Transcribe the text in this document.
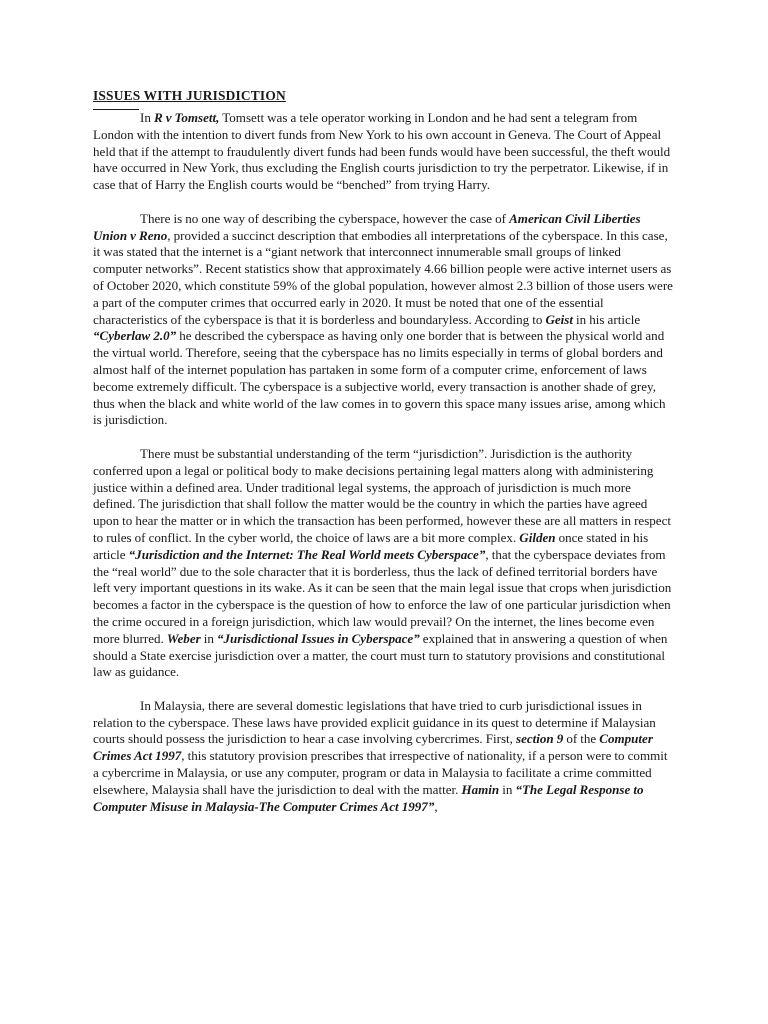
ISSUES WITH JURISDICTION

In R v Tomsett, Tomsett was a tele operator working in London and he had sent a telegram from London with the intention to divert funds from New York to his own account in Geneva. The Court of Appeal held that if the attempt to fraudulently divert funds had been funds would have been successful, the theft would have occurred in New York, thus excluding the English courts jurisdiction to try the perpetrator. Likewise, if in case that of Harry the English courts would be “benched” from trying Harry.

There is no one way of describing the cyberspace, however the case of American Civil Liberties Union v Reno, provided a succinct description that embodies all interpretations of the cyberspace. In this case, it was stated that the internet is a “giant network that interconnect innumerable small groups of linked computer networks”. Recent statistics show that approximately 4.66 billion people were active internet users as of October 2020, which constitute 59% of the global population, however almost 2.3 billion of those users were a part of the computer crimes that occurred early in 2020. It must be noted that one of the essential characteristics of the cyberspace is that it is borderless and boundaryless. According to Geist in his article “Cyberlaw 2.0” he described the cyberspace as having only one border that is between the physical world and the virtual world. Therefore, seeing that the cyberspace has no limits especially in terms of global borders and almost half of the internet population has partaken in some form of a computer crime, enforcement of laws become extremely difficult. The cyberspace is a subjective world, every transaction is another shade of grey, thus when the black and white world of the law comes in to govern this space many issues arise, among which is jurisdiction.

There must be substantial understanding of the term “jurisdiction”. Jurisdiction is the authority conferred upon a legal or political body to make decisions pertaining legal matters along with administering justice within a defined area. Under traditional legal systems, the approach of jurisdiction is much more defined. The jurisdiction that shall follow the matter would be the country in which the parties have agreed upon to hear the matter or in which the transaction has been performed, however these are all matters in respect to rules of conflict. In the cyber world, the choice of laws are a bit more complex. Gilden once stated in his article “Jurisdiction and the Internet: The Real World meets Cyberspace”, that the cyberspace deviates from the “real world” due to the sole character that it is borderless, thus the lack of defined territorial borders have left very important questions in its wake. As it can be seen that the main legal issue that crops when jurisdiction becomes a factor in the cyberspace is the question of how to enforce the law of one particular jurisdiction when the crime occured in a foreign jurisdiction, which law would prevail? On the internet, the lines become even more blurred. Weber in “Jurisdictional Issues in Cyberspace” explained that in answering a question of when should a State exercise jurisdiction over a matter, the court must turn to statutory provisions and constitutional law as guidance.

In Malaysia, there are several domestic legislations that have tried to curb jurisdictional issues in relation to the cyberspace. These laws have provided explicit guidance in its quest to determine if Malaysian courts should possess the jurisdiction to hear a case involving cybercrimes. First, section 9 of the Computer Crimes Act 1997, this statutory provision prescribes that irrespective of nationality, if a person were to commit a cybercrime in Malaysia, or use any computer, program or data in Malaysia to facilitate a crime committed elsewhere, Malaysia shall have the jurisdiction to deal with the matter. Hamin in “The Legal Response to Computer Misuse in Malaysia-The Computer Crimes Act 1997”,
